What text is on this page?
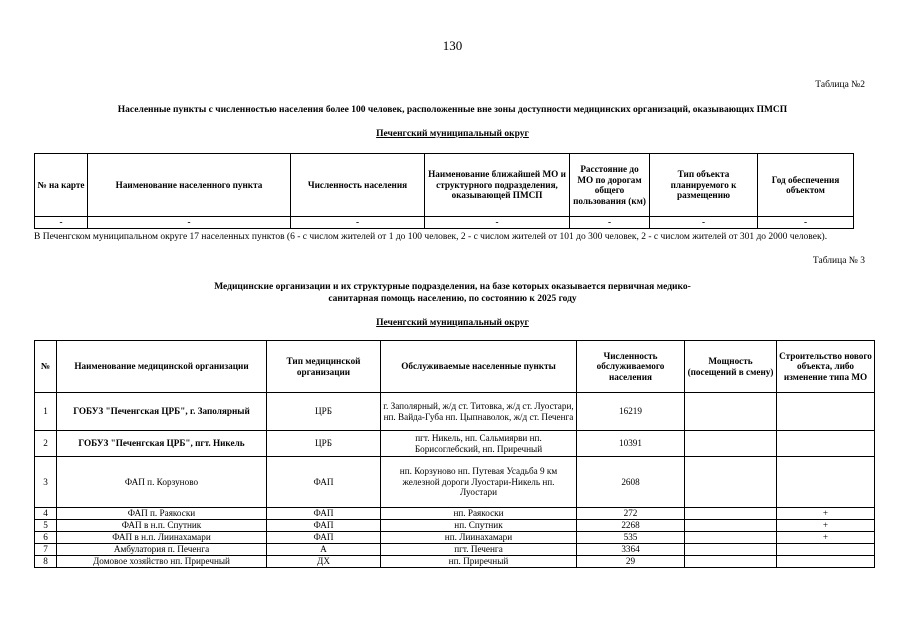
130
Таблица №2
Населенные пункты с численностью населения более 100 человек, расположенные вне зоны доступности медицинских организаций, оказывающих ПМСП
Печенгский муниципальный округ
№ на карте	Наименование населенного пункта	Численность населения	Наименование ближайшей МО и структурного подразделения, оказывающей ПМСП	Расстояние до МО по дорогам общего пользования (км)	Тип объекта планируемого к размещению	Год обеспечения объектом
-	-	-	-	-	-	-
В Печенгском муниципальном округе 17 населенных пунктов (6 - с числом жителей от 1 до 100 человек, 2 - с числом жителей от 101 до 300 человек, 2 - с числом жителей от 301 до 2000 человек).
Таблица № 3
Медицинские организации и их структурные подразделения, на базе которых оказывается первичная медико-
санитарная помощь населению, по состоянию к 2025 году
Печенгский муниципальный округ
№	Наименование медицинской организации	Тип медицинской организации	Обслуживаемые населенные пункты	Численность обслуживаемого населения	Мощность (посещений в смену)	Строительство нового объекта, либо изменение типа МО
1	ГОБУЗ "Печенгская ЦРБ", г. Заполярный	ЦРБ	г. Заполярный, ж/д ст. Титовка, ж/д ст. Луостари, нп. Вайда-Губа нп. Цыпнаволок, ж/д ст. Печенга	16219		
2	ГОБУЗ "Печенгская ЦРБ", пгт. Никель	ЦРБ	пгт. Никель, нп. Сальмиярви нп. Борисоглебский, нп. Приречный	10391		
3	ФАП п. Корзуново	ФАП	нп. Корзуново нп. Путевая Усадьба 9 км железной дороги Луостари-Никель нп. Луостари	2608		
4	ФАП п. Раякоски	ФАП	нп. Раякоски	272		+
5	ФАП в н.п. Спутник	ФАП	нп. Спутник	2268		+
6	ФАП в н.п. Лиинахамари	ФАП	нп. Лиинахамари	535		+
7	Амбулатория п. Печенга	А	пгт. Печенга	3364		
8	Домовое хозяйство нп. Приречный	ДХ	нп. Приречный	29		
